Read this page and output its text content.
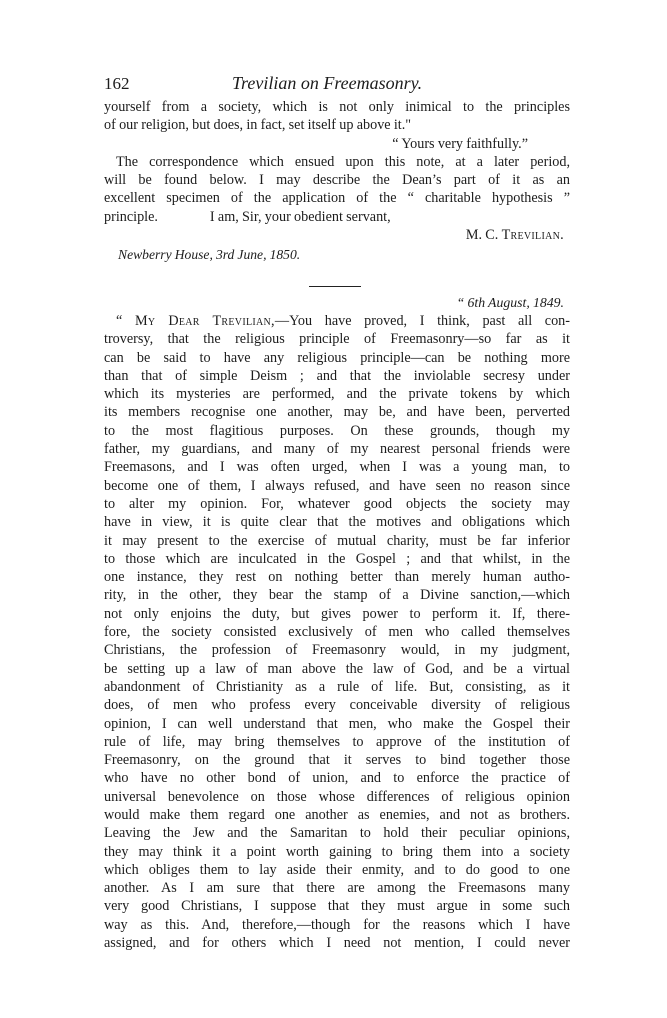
162	Trevilian on Freemasonry.
yourself from a society, which is not only inimical to the principles
of our religion, but does, in fact, set itself up above it."
“ Yours very faithfully.”
The correspondence which ensued upon this note, at a later period,
will be found below. I may describe the Dean’s part of it as an
excellent specimen of the application of the “ charitable hypothesis ”
principle.                I am, Sir, your obedient servant,
M. C. Trevilian.
Newberry House, 3rd June, 1850.
“ 6th August, 1849.
“ My Dear Trevilian,—You have proved, I think, past all con-
troversy, that the religious principle of Freemasonry—so far as it
can be said to have any religious principle—can be nothing more
than that of simple Deism ; and that the inviolable secresy under
which its mysteries are performed, and the private tokens by which
its members recognise one another, may be, and have been, perverted
to the most flagitious purposes. On these grounds, though my
father, my guardians, and many of my nearest personal friends were
Freemasons, and I was often urged, when I was a young man, to
become one of them, I always refused, and have seen no reason since
to alter my opinion. For, whatever good objects the society may
have in view, it is quite clear that the motives and obligations which
it may present to the exercise of mutual charity, must be far inferior
to those which are inculcated in the Gospel ; and that whilst, in the
one instance, they rest on nothing better than merely human autho-
rity, in the other, they bear the stamp of a Divine sanction,—which
not only enjoins the duty, but gives power to perform it. If, there-
fore, the society consisted exclusively of men who called themselves
Christians, the profession of Freemasonry would, in my judgment,
be setting up a law of man above the law of God, and be a virtual
abandonment of Christianity as a rule of life. But, consisting, as it
does, of men who profess every conceivable diversity of religious
opinion, I can well understand that men, who make the Gospel their
rule of life, may bring themselves to approve of the institution of
Freemasonry, on the ground that it serves to bind together those
who have no other bond of union, and to enforce the practice of
universal benevolence on those whose differences of religious opinion
would make them regard one another as enemies, and not as brothers.
Leaving the Jew and the Samaritan to hold their peculiar opinions,
they may think it a point worth gaining to bring them into a society
which obliges them to lay aside their enmity, and to do good to one
another. As I am sure that there are among the Freemasons many
very good Christians, I suppose that they must argue in some such
way as this. And, therefore,—though for the reasons which I have
assigned, and for others which I need not mention, I could never
